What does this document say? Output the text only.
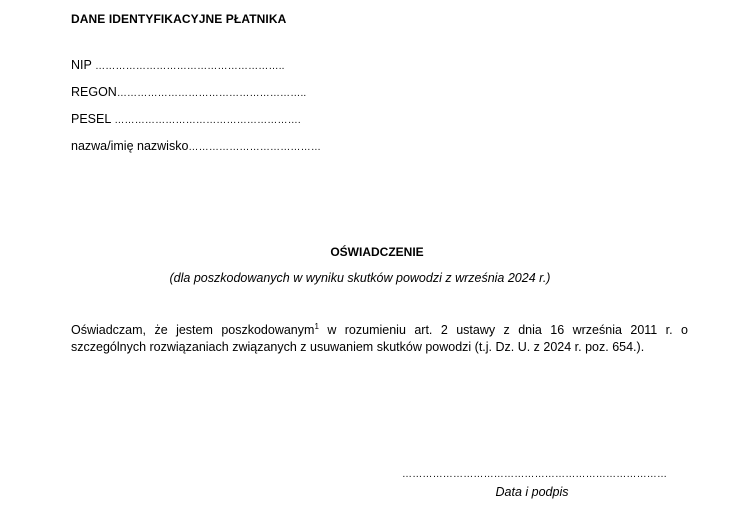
DANE IDENTYFIKACYJNE PŁATNIKA

NIP ………………………………………………..

REGON………………………………………………..

PESEL ……………………………………………….

nazwa/imię nazwisko…………………………………

OŚWIADCZENIE

(dla poszkodowanych w wyniku skutków powodzi z września 2024 r.)

Oświadczam, że jestem poszkodowanym$^1$ w rozumieniu art. 2 ustawy z dnia 16 września 2011 r. o szczególnych rozwiązaniach związanych z usuwaniem skutków powodzi (t.j. Dz. U. z 2024 r. poz. 654.).

……………………………………………………………………

Data i podpis
